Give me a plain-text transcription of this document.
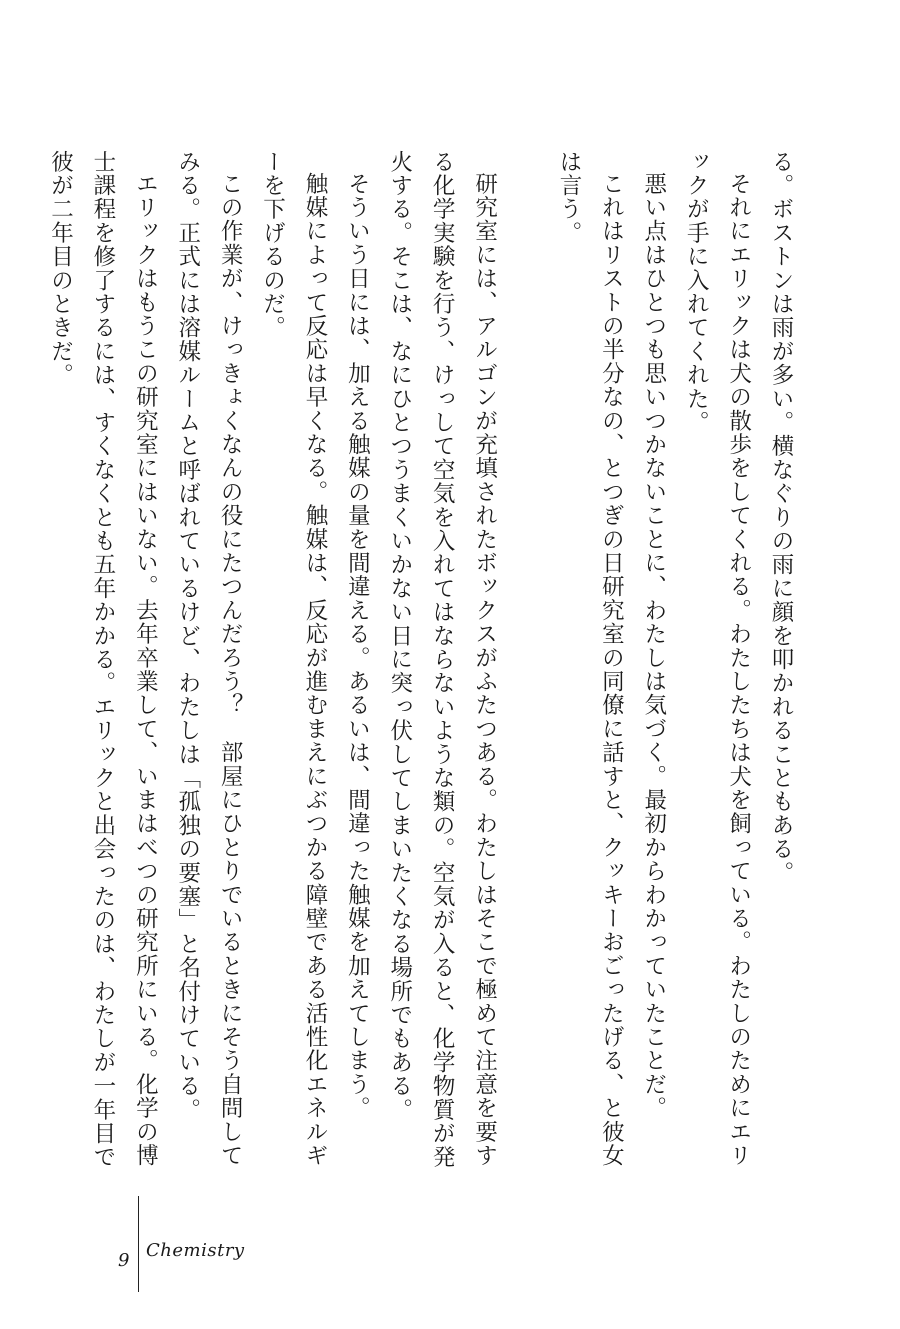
る。ボストンは雨が多い。横なぐりの雨に顔を叩かれることもある。
それにエリックは犬の散歩をしてくれる。わたしたちは犬を飼っている。わたしのためにエリ
ックが手に入れてくれた。
悪い点はひとつも思いつかないことに、わたしは気づく。最初からわかっていたことだ。
これはリストの半分なの、とつぎの日研究室の同僚に話すと、クッキーおごったげる、と彼女
は言う。
研究室には、アルゴンが充填されたボックスがふたつある。わたしはそこで極めて注意を要す
る化学実験を行う、けっして空気を入れてはならないような類の。空気が入ると、化学物質が発
火する。そこは、なにひとつうまくいかない日に突っ伏してしまいたくなる場所でもある。
そういう日には、加える触媒の量を間違える。あるいは、間違った触媒を加えてしまう。
触媒によって反応は早くなる。触媒は、反応が進むまえにぶつかる障壁である活性化エネルギ
ーを下げるのだ。
この作業が、けっきょくなんの役にたつんだろう？　部屋にひとりでいるときにそう自問して
みる。正式には溶媒ルームと呼ばれているけど、わたしは「孤独の要塞」と名付けている。
エリックはもうこの研究室にはいない。去年卒業して、いまはべつの研究所にいる。化学の博
士課程を修了するには、すくなくとも五年かかる。エリックと出会ったのは、わたしが一年目で
彼が二年目のときだ。
9 Chemistry
